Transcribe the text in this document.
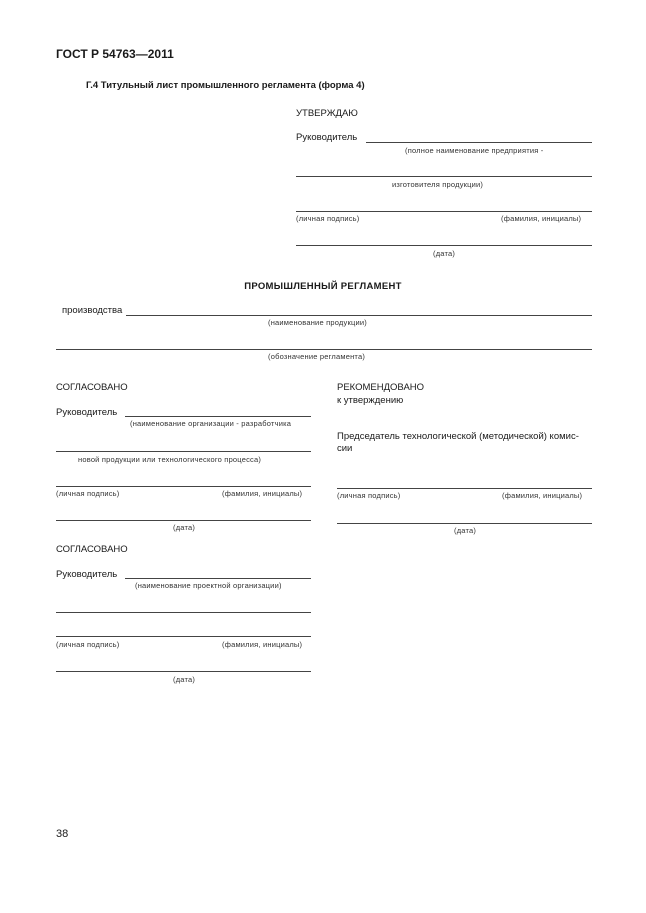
ГОСТ Р 54763—2011
Г.4 Титульный лист промышленного регламента (форма 4)
УТВЕРЖДАЮ
Руководитель
(полное наименование предприятия -
изготовителя продукции)
(личная подпись)	(фамилия, инициалы)
(дата)
ПРОМЫШЛЕННЫЙ РЕГЛАМЕНТ
производства
(наименование продукции)
(обозначение регламента)
СОГЛАСОВАНО
Руководитель
(наименование организации - разработчика
новой продукции или технологического процесса)
(личная подпись)	(фамилия, инициалы)
(дата)
СОГЛАСОВАНО
Руководитель
(наименование проектной организации)
(личная подпись)	(фамилия, инициалы)
(дата)
РЕКОМЕНДОВАНО
к утверждению
Председатель технологической (методической) комис-
сии
(личная подпись)	(фамилия, инициалы)
(дата)
38
